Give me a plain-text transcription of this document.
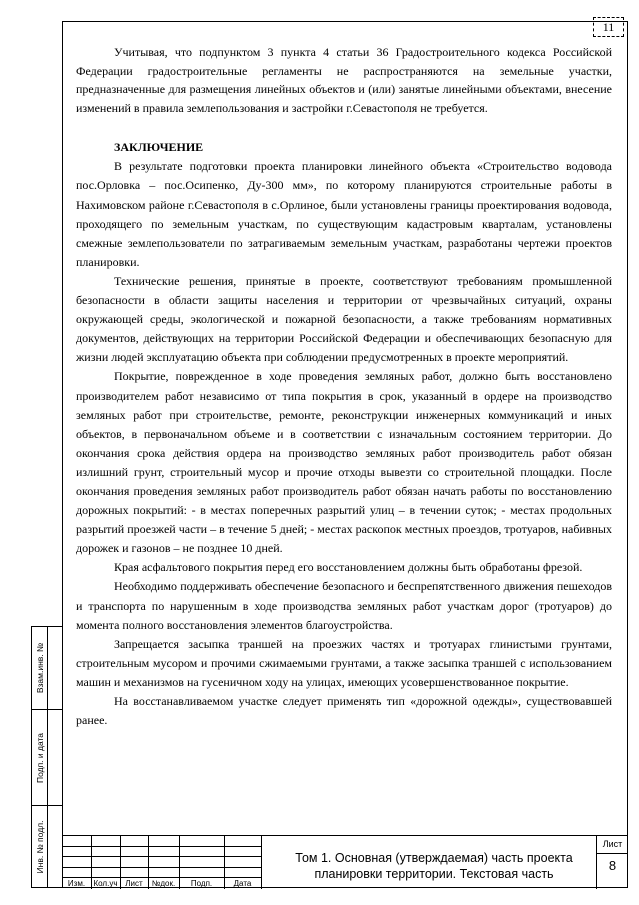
11

Учитывая, что подпунктом 3 пункта 4 статьи 36 Градостроительного кодекса Российской Федерации градостроительные регламенты не распространяются на земельные участки, предназначенные для размещения линейных объектов и (или) занятые линейными объектами, внесение изменений в правила землепользования и застройки г.Севастополя не требуется.

ЗАКЛЮЧЕНИЕ

В результате подготовки проекта планировки линейного объекта «Строительство водовода пос.Орловка – пос.Осипенко, Ду-300 мм», по которому планируются строительные работы в Нахимовском районе г.Севастополя в с.Орлиное, были установлены границы проектирования водовода, проходящего по земельным участкам, по существующим кадастровым кварталам, установлены смежные землепользователи по затрагиваемым земельным участкам, разработаны чертежи проектов планировки.

Технические решения, принятые в проекте, соответствуют требованиям промышленной безопасности в области защиты населения и территории от чрезвычайных ситуаций, охраны окружающей среды, экологической и пожарной безопасности, а также требованиям нормативных документов, действующих на территории Российской Федерации и обеспечивающих безопасную для жизни людей эксплуатацию объекта при соблюдении предусмотренных в проекте мероприятий.

Покрытие, поврежденное в ходе проведения земляных работ, должно быть восстановлено производителем работ независимо от типа покрытия в срок, указанный в ордере на производство земляных работ при строительстве, ремонте, реконструкции инженерных коммуникаций и иных объектов, в первоначальном объеме и в соответствии с изначальным состоянием территории. До окончания срока действия ордера на производство земляных работ производитель работ обязан излишний грунт, строительный мусор и прочие отходы вывезти со строительной площадки. После окончания проведения земляных работ производитель работ обязан начать работы по восстановлению дорожных покрытий: - в местах поперечных разрытий улиц – в течении суток; - местах продольных разрытий проезжей части – в течение 5 дней; - местах раскопок местных проездов, тротуаров, набивных дорожек и газонов – не позднее 10 дней.

Края асфальтового покрытия перед его восстановлением должны быть обработаны фрезой.

Необходимо поддерживать обеспечение безопасного и беспрепятственного движения пешеходов и транспорта по нарушенным в ходе производства земляных работ участкам дорог (тротуаров) до момента полного восстановления элементов благоустройства.

Запрещается засыпка траншей на проезжих частях и тротуарах глинистыми грунтами, строительным мусором и прочими сжимаемыми грунтами, а также засыпка траншей с использованием машин и механизмов на гусеничном ходу на улицах, имеющих усовершенствованное покрытие.

На восстанавливаемом участке следует применять тип «дорожной одежды», существовавшей ранее.

Взам.инв. №
Подп. и дата
Инв. № подл.
Изм.	Кол.уч Лист	№док.	Подп.	Дата
Том 1. Основная (утверждаемая) часть проекта планировки территории. Текстовая часть
Лист
8
